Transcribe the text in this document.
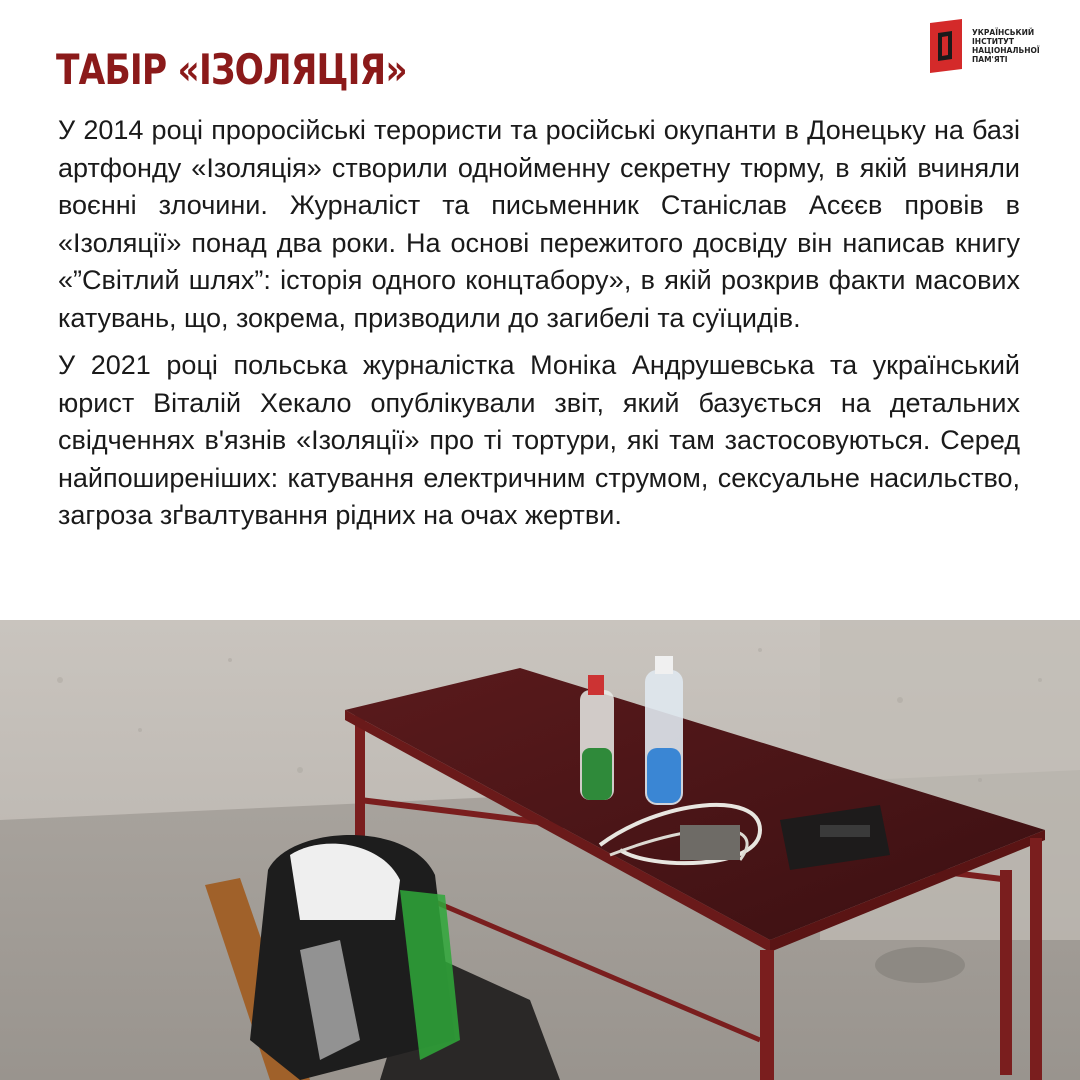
ТАБІР «ІЗОЛЯЦІЯ»
УКРАЇНСЬКИЙ
ІНСТИТУТ
НАЦІОНАЛЬНОЇ
ПАМ'ЯТІ

У 2014 році проросійські терористи та російські окупанти в Донецьку на базі артфонду «Ізоляція» створили однойменну секретну тюрму, в якій вчиняли воєнні злочини. Журналіст та письменник Станіслав Асєєв провів в «Ізоляції» понад два роки. На основі пережитого досвіду він написав книгу «”Світлий шлях”: історія одного концтабору», в якій розкрив факти масових катувань, що, зокрема, призводили до загибелі та суїцидів.

У 2021 році польська журналістка Моніка Андрушевська та український юрист Віталій Хекало опублікували звіт, який базується на детальних свідченнях в'язнів «Ізоляції» про ті тортури, які там застосовуються. Серед найпоширеніших: катування електричним струмом, сексуальне насильство, загроза зґвалтування рідних на очах жертви.
